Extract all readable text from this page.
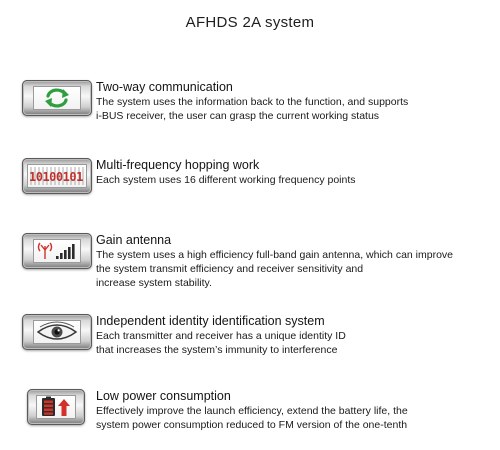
AFHDS 2A system
Two-way communication
The system uses the information back to the function, and supports
i-BUS receiver, the user can grasp the current working status
10100101
Multi-frequency hopping work
Each system uses 16 different working frequency points
Gain antenna
The system uses a high efficiency full-band gain antenna, which can improve
the system transmit efficiency and receiver sensitivity and
increase system stability.
Independent identity identification system
Each transmitter and receiver has a unique identity ID
that increases the system’s immunity to interference
Low power consumption
Effectively improve the launch efficiency, extend the battery life, the
system power consumption reduced to FM version of the one-tenth
